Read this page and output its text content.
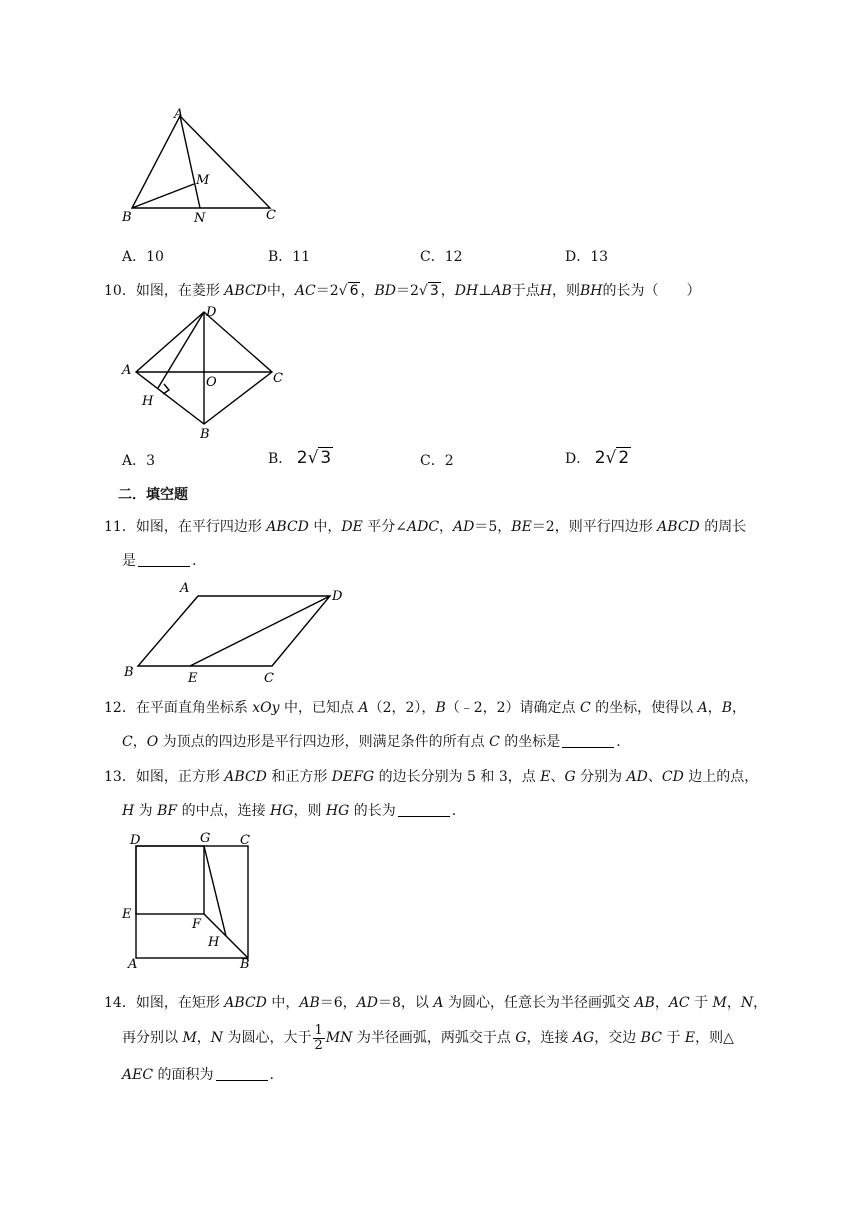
A
M
B	N	C
A．10	B．11	C．12	D．13
10．如图，在菱形 ABCD中，AC＝2√ 6 ，BD＝2√ 3 ，DH⊥AB于点H，则BH的长为（　　）
D
A
O	C
H
B
A．3	B． 2√ 3	C．2	D． 2√ 2
二．填空题
11．如图，在平行四边形 ABCD 中，DE 平分∠ADC，AD＝5，BE＝2，则平行四边形 ABCD 的周长
是	.
A
D
B	E	C
12．在平面直角坐标系 xOy 中，已知点 A（2，2），B（﹣2，2）请确定点 C 的坐标，使得以 A，B，
C，O 为顶点的四边形是平行四边形，则满足条件的所有点 C 的坐标是	.
13．如图，正方形 ABCD 和正方形 DEFG 的边长分别为 5 和 3，点 E、G 分别为 AD、CD 边上的点，
H 为 BF 的中点，连接 HG，则 HG 的长为	.
D	G C
E
F
H
A	B
14．如图，在矩形 ABCD 中，AB＝6，AD＝8，以 A 为圆心，任意长为半径画弧交 AB，AC 于 M，N，
再分别以 M，N 为圆心，大于 $\frac{1}{2}$ MN 为半径画弧，两弧交于点 G，连接 AG，交边 BC 于 E，则△
AEC 的面积为	.
